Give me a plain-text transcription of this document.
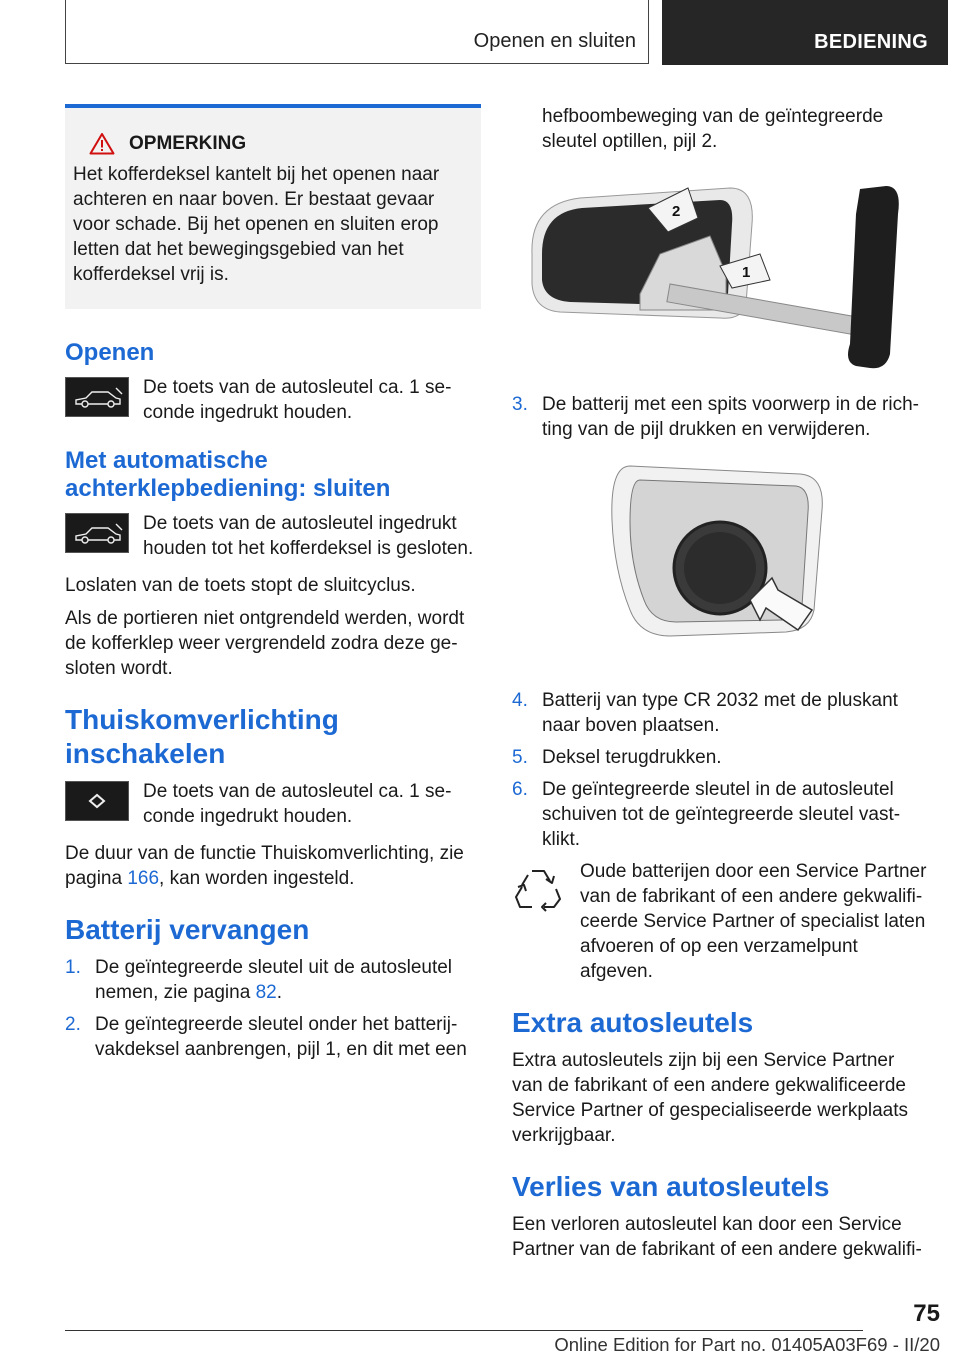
Openen en sluiten	BEDIENING
OPMERKING

Het kofferdeksel kantelt bij het openen naar achteren en naar boven. Er bestaat gevaar voor schade. Bij het openen en sluiten erop letten dat het bewegingsgebied van het kofferdeksel vrij is.

Openen

De toets van de autosleutel ca. 1 seconde ingedrukt houden.

Met automatische achterklepbediening: sluiten

De toets van de autosleutel ingedrukt houden tot het kofferdeksel is gesloten.

Loslaten van de toets stopt de sluitcyclus.

Als de portieren niet ontgrendeld werden, wordt de kofferklep weer vergrendeld zodra deze gesloten wordt.

Thuiskomverlichting inschakelen

De toets van de autosleutel ca. 1 seconde ingedrukt houden.

De duur van de functie Thuiskomverlichting, zie pagina 166, kan worden ingesteld.

Batterij vervangen
1. De geïntegreerde sleutel uit de autosleutel nemen, zie pagina 82.
2. De geïntegreerde sleutel onder het batterijvakdeksel aanbrengen, pijl 1, en dit met een

hefboombeweging van de geïntegreerde sleutel optillen, pijl 2.

2
1
3. De batterij met een spits voorwerp in de richting van de pijl drukken en verwijderen.
4. Batterij van type CR 2032 met de pluskant naar boven plaatsen.
5. Deksel terugdrukken.
6. De geïntegreerde sleutel in de autosleutel schuiven tot de geïntegreerde sleutel vastklikt.

Oude batterijen door een Service Partner van de fabrikant of een andere gekwalificeerde Service Partner of specialist laten afvoeren of op een verzamelpunt afgeven.

Extra autosleutels

Extra autosleutels zijn bij een Service Partner van de fabrikant of een andere gekwalificeerde Service Partner of gespecialiseerde werkplaats verkrijgbaar.

Verlies van autosleutels

Een verloren autosleutel kan door een Service Partner van de fabrikant of een andere gekwalifi-

75
Online Edition for Part no. 01405A03F69 - II/20
